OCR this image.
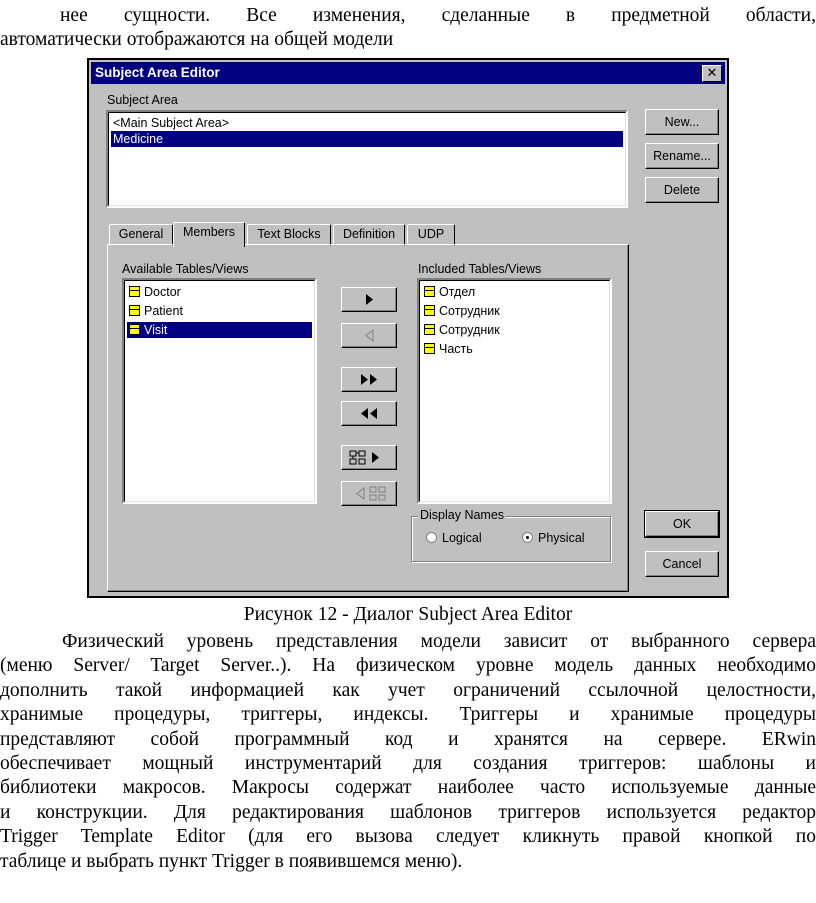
нее сущности. Все изменения, сделанные в предметной области,
автоматически отображаются на общей модели
Subject Area Editor	✕
Subject Area
<Main Subject Area>
Medicine
New...
Rename...
Delete
General	Members	Text Blocks	Definition	UDP
Available Tables/Views
Doctor
Patient
Visit
Included Tables/Views
Отдел
Сотрудник
Сотрудник
Часть
Display Names
Logical	Physical
OK
Cancel
Рисунок 12 - Диалог Subject Area Editor
Физический уровень представления модели зависит от выбранного сервера
(меню Server/ Target Server..). На физическом уровне модель данных необходимо
дополнить такой информацией как учет ограничений ссылочной целостности,
хранимые процедуры, триггеры, индексы. Триггеры и хранимые процедуры
представляют собой программный код и хранятся на сервере. ERwin
обеспечивает мощный инструментарий для создания триггеров: шаблоны и
библиотеки макросов. Макросы содержат наиболее часто используемые данные
и конструкции. Для редактирования шаблонов триггеров используется редактор
Trigger Template Editor (для его вызова следует кликнуть правой кнопкой по
таблице и выбрать пункт Trigger в появившемся меню).
